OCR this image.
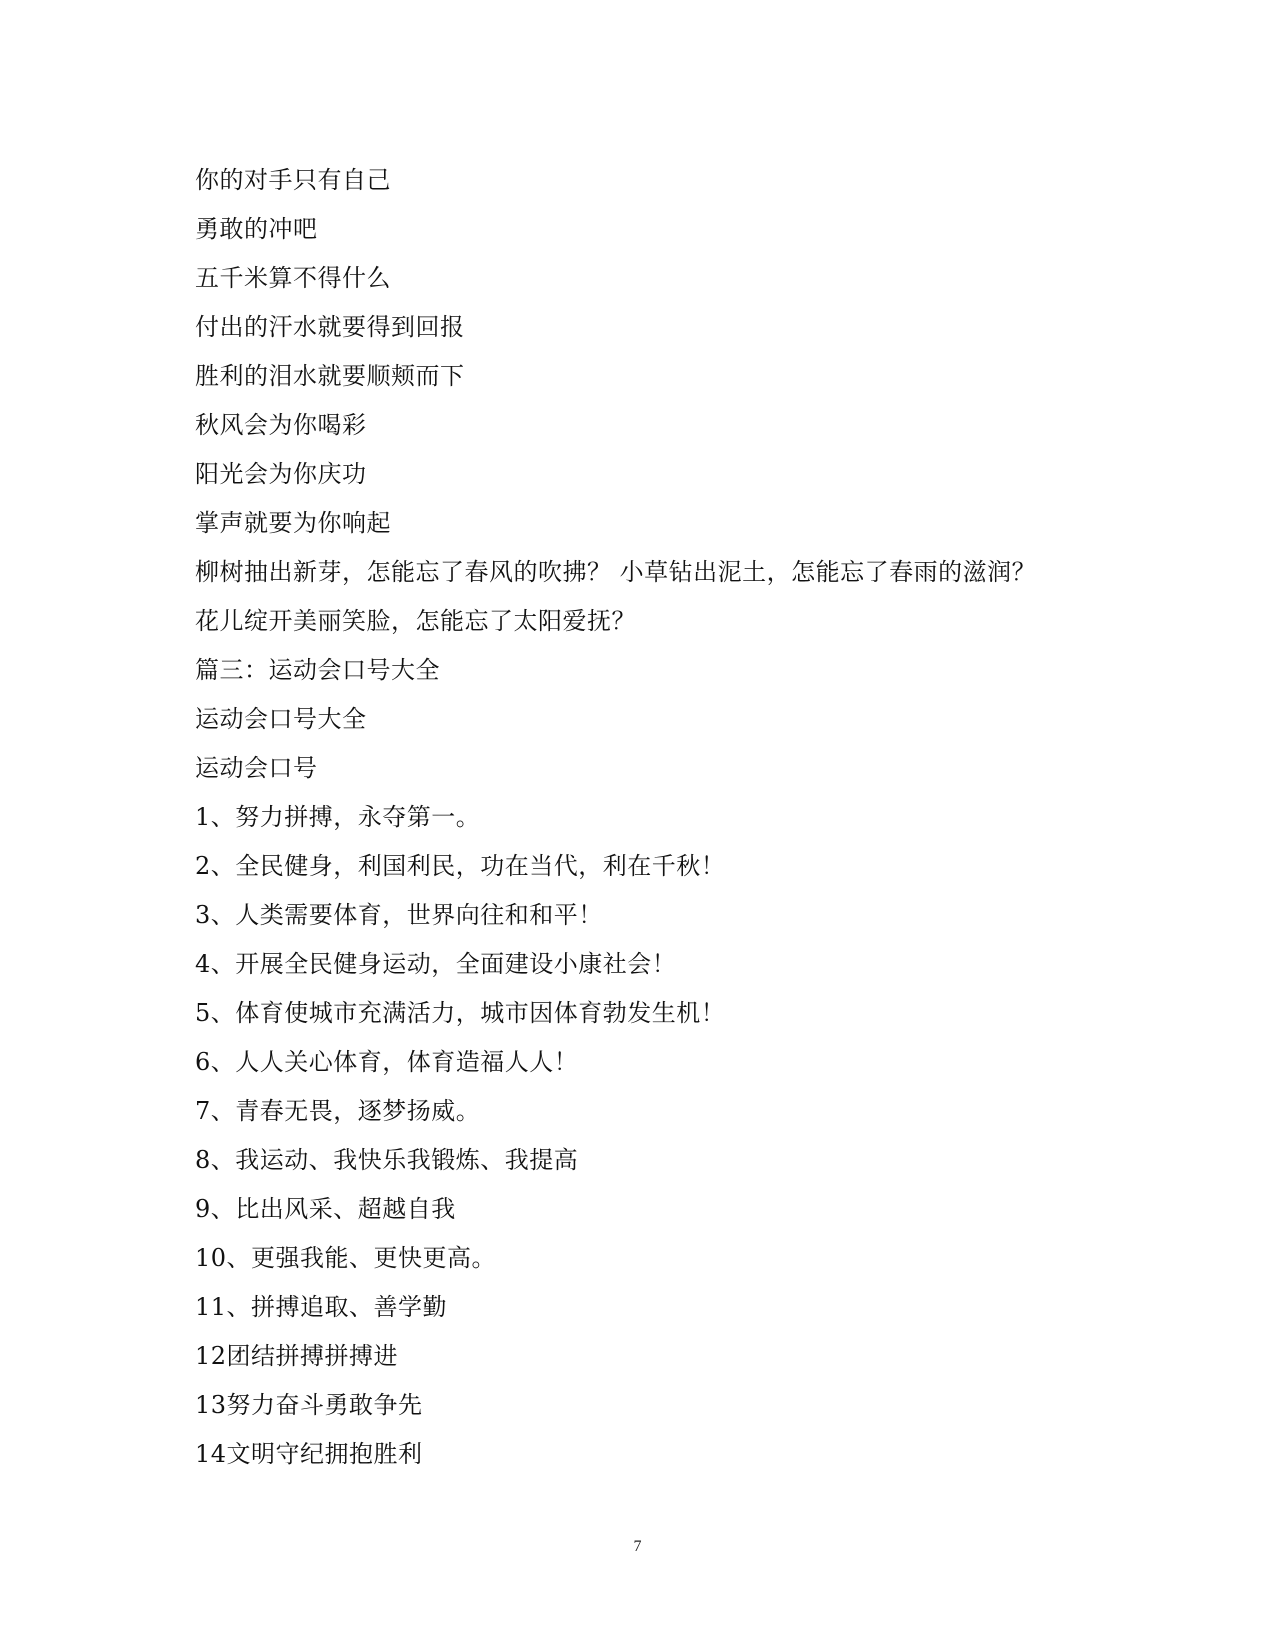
你的对手只有自己
勇敢的冲吧
五千米算不得什么
付出的汗水就要得到回报
胜利的泪水就要顺颊而下
秋风会为你喝彩
阳光会为你庆功
掌声就要为你响起
柳树抽出新芽，怎能忘了春风的吹拂？ 小草钻出泥土，怎能忘了春雨的滋润？
花儿绽开美丽笑脸，怎能忘了太阳爱抚？
篇三：运动会口号大全
运动会口号大全
运动会口号
1、努力拼搏，永夺第一。
2、全民健身，利国利民，功在当代，利在千秋！
3、人类需要体育，世界向往和和平！
4、开展全民健身运动，全面建设小康社会！
5、体育使城市充满活力，城市因体育勃发生机！
6、人人关心体育，体育造福人人！
7、青春无畏，逐梦扬威。
8、我运动、我快乐我锻炼、我提高
9、比出风采、超越自我
10、更强我能、更快更高。
11、拼搏追取、善学勤
12团结拼搏拼搏进
13努力奋斗勇敢争先
14文明守纪拥抱胜利
7
